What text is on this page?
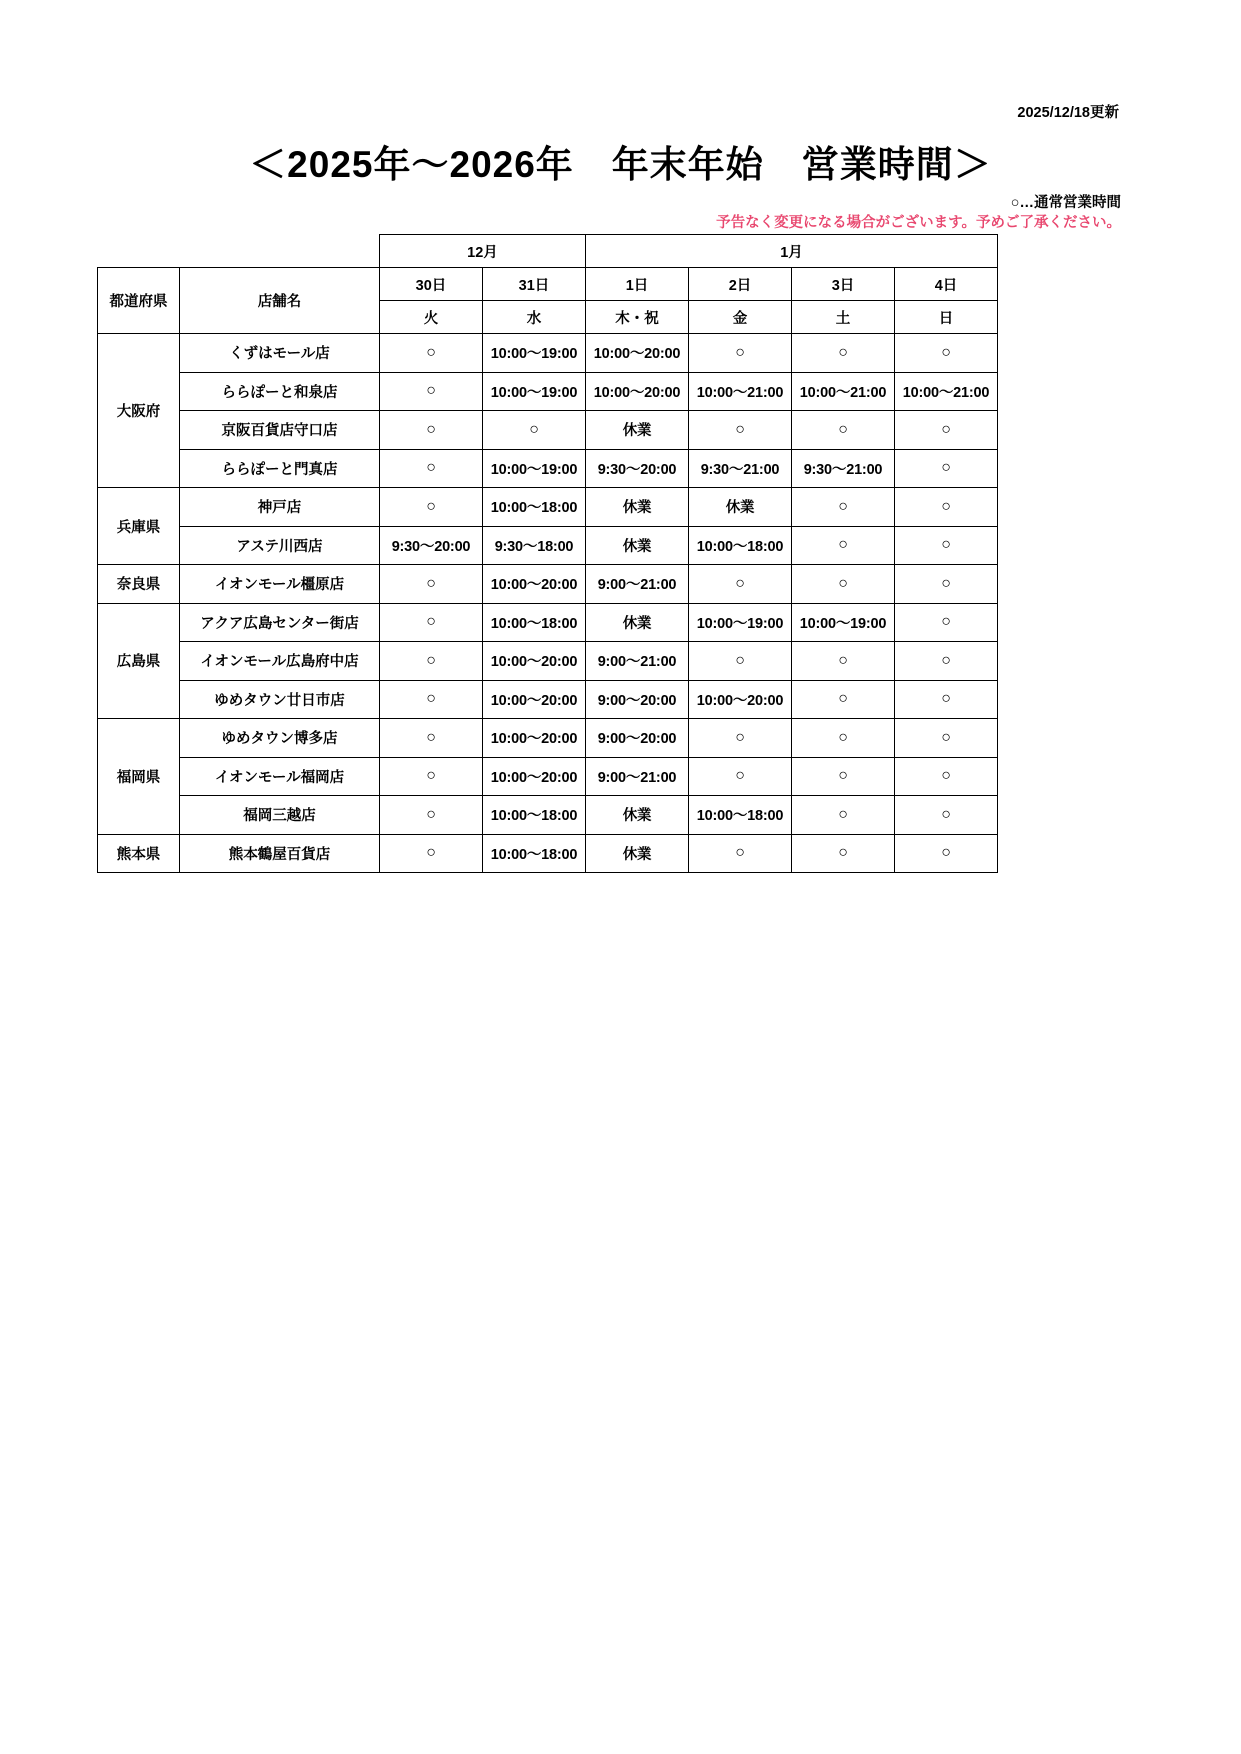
2025/12/18更新
＜2025年～2026年　年末年始　営業時間＞
○…通常営業時間
予告なく変更になる場合がございます。予めご了承ください。
		12月		1月			
都道府県	店舗名	30日	31日	1日	2日	3日	4日
		火	水	木・祝	金	土	日
大阪府	くずはモール店	○	10:00～19:00	10:00～20:00	○	○	○
	ららぽーと和泉店	○	10:00～19:00	10:00～20:00	10:00～21:00	10:00～21:00	10:00～21:00
	京阪百貨店守口店	○	○	休業	○	○	○
	ららぽーと門真店	○	10:00～19:00	9:30～20:00	9:30～21:00	9:30～21:00	○
兵庫県	神戸店	○	10:00～18:00	休業	休業	○	○
	アステ川西店	9:30～20:00	9:30～18:00	休業	10:00～18:00	○	○
奈良県	イオンモール橿原店	○	10:00～20:00	9:00～21:00	○	○	○
広島県	アクア広島センター街店	○	10:00～18:00	休業	10:00～19:00	10:00～19:00	○
	イオンモール広島府中店	○	10:00～20:00	9:00～21:00	○	○	○
	ゆめタウン廿日市店	○	10:00～20:00	9:00～20:00	10:00～20:00	○	○
福岡県	ゆめタウン博多店	○	10:00～20:00	9:00～20:00	○	○	○
	イオンモール福岡店	○	10:00～20:00	9:00～21:00	○	○	○
	福岡三越店	○	10:00～18:00	休業	10:00～18:00	○	○
熊本県	熊本鶴屋百貨店	○	10:00～18:00	休業	○	○	○
